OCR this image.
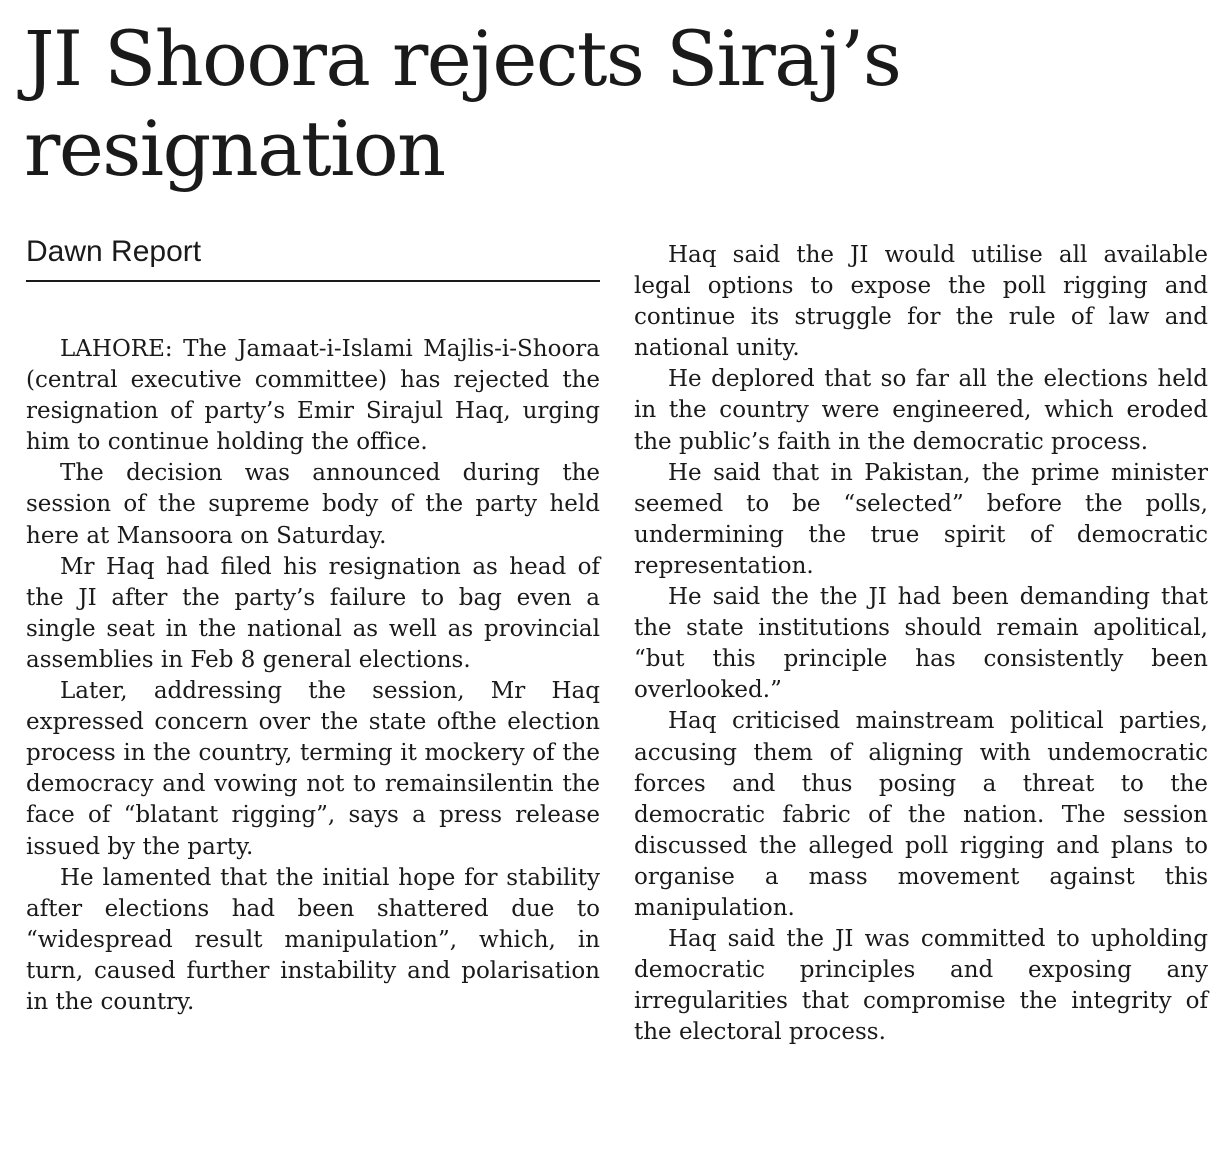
JI Shoora rejects Siraj’s
resignation
Dawn Report

LAHORE: The Jamaat-i-Islami Majlis-i-Shoora (central executive committee) has rejected the resignation of party’s Emir Sirajul Haq, urging him to continue holding the office.

The decision was announced during the session of the supreme body of the party held here at Mansoora on Saturday.

Mr Haq had filed his resignation as head of the JI after the party’s failure to bag even a single seat in the national as well as provincial assemblies in Feb 8 general elections.

Later, addressing the session, Mr Haq expressed concern over the state ofthe election process in the country, terming it mockery of the democracy and vowing not to remainsilentin the face of “blatant rigging”, says a press release issued by the party.

He lamented that the initial hope for stability after elections had been shattered due to “widespread result manipulation”, which, in turn, caused further instability and polarisation in the country.

Haq said the JI would utilise all available legal options to expose the poll rigging and continue its struggle for the rule of law and national unity.

He deplored that so far all the elections held in the country were engineered, which eroded the public’s faith in the democratic process.

He said that in Pakistan, the prime minister seemed to be “selected” before the polls, undermining the true spirit of democratic representation.

He said the the JI had been demanding that the state institutions should remain apolitical, “but this principle has consistently been overlooked.”

Haq criticised mainstream political parties, accusing them of aligning with undemocratic forces and thus posing a threat to the democratic fabric of the nation. The session discussed the alleged poll rigging and plans to organise a mass movement against this manipulation.

Haq said the JI was committed to upholding democratic principles and exposing any irregularities that compromise the integrity of the electoral process.
